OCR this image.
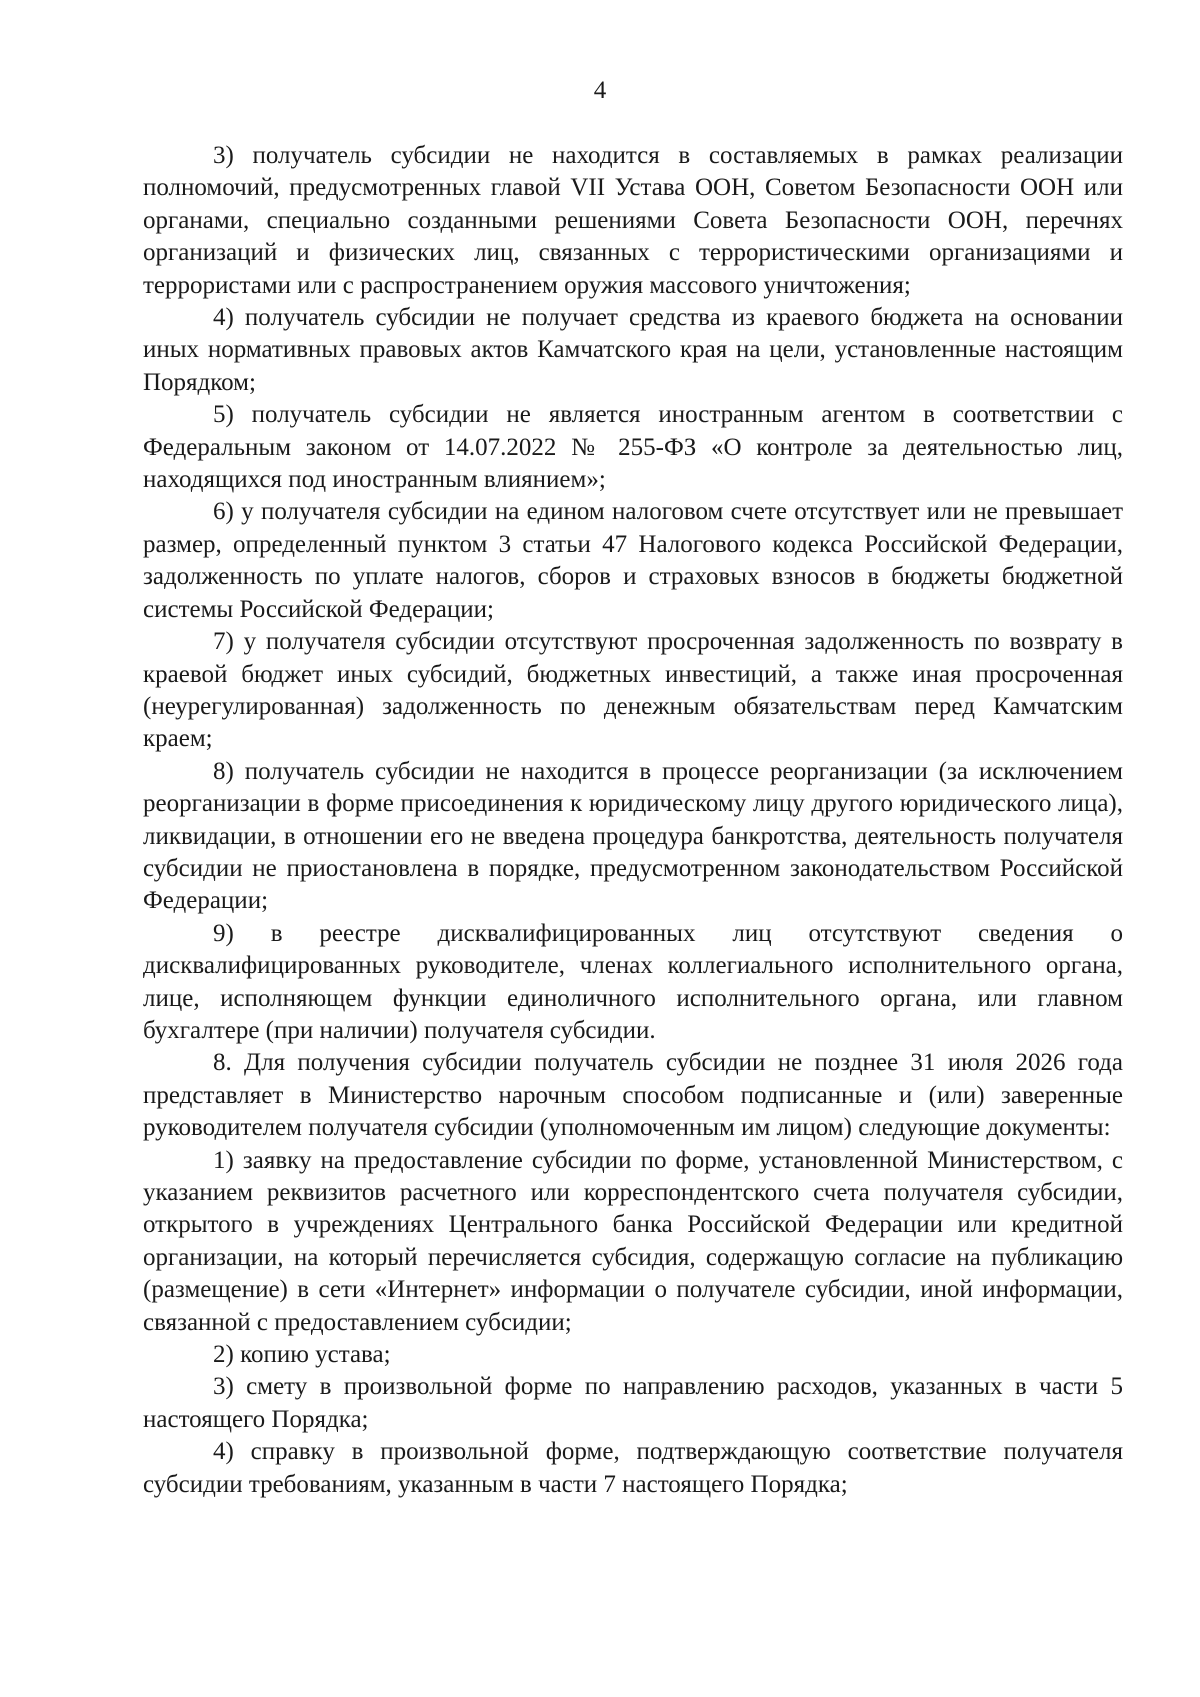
4

3) получатель субсидии не находится в составляемых в рамках реализации полномочий, предусмотренных главой VII Устава ООН, Советом Безопасности ООН или органами, специально созданными решениями Совета Безопасности ООН, перечнях организаций и физических лиц, связанных с террористическими организациями и террористами или с распространением оружия массового уничтожения;

4) получатель субсидии не получает средства из краевого бюджета на основании иных нормативных правовых актов Камчатского края на цели, установленные настоящим Порядком;

5) получатель субсидии не является иностранным агентом в соответствии с Федеральным законом от 14.07.2022 № 255-ФЗ «О контроле за деятельностью лиц, находящихся под иностранным влиянием»;

6) у получателя субсидии на едином налоговом счете отсутствует или не превышает размер, определенный пунктом 3 статьи 47 Налогового кодекса Российской Федерации, задолженность по уплате налогов, сборов и страховых взносов в бюджеты бюджетной системы Российской Федерации;

7) у получателя субсидии отсутствуют просроченная задолженность по возврату в краевой бюджет иных субсидий, бюджетных инвестиций, а также иная просроченная (неурегулированная) задолженность по денежным обязательствам перед Камчатским краем;

8) получатель субсидии не находится в процессе реорганизации (за исключением реорганизации в форме присоединения к юридическому лицу другого юридического лица), ликвидации, в отношении его не введена процедура банкротства, деятельность получателя субсидии не приостановлена в порядке, предусмотренном законодательством Российской Федерации;

9) в реестре дисквалифицированных лиц отсутствуют сведения о дисквалифицированных руководителе, членах коллегиального исполнительного органа, лице, исполняющем функции единоличного исполнительного органа, или главном бухгалтере (при наличии) получателя субсидии.

8. Для получения субсидии получатель субсидии не позднее 31 июля 2026 года представляет в Министерство нарочным способом подписанные и (или) заверенные руководителем получателя субсидии (уполномоченным им лицом) следующие документы:

1) заявку на предоставление субсидии по форме, установленной Министерством, с указанием реквизитов расчетного или корреспондентского счета получателя субсидии, открытого в учреждениях Центрального банка Российской Федерации или кредитной организации, на который перечисляется субсидия, содержащую согласие на публикацию (размещение) в сети «Интернет» информации о получателе субсидии, иной информации, связанной с предоставлением субсидии;

2) копию устава;

3) смету в произвольной форме по направлению расходов, указанных в части 5 настоящего Порядка;

4) справку в произвольной форме, подтверждающую соответствие получателя субсидии требованиям, указанным в части 7 настоящего Порядка;
